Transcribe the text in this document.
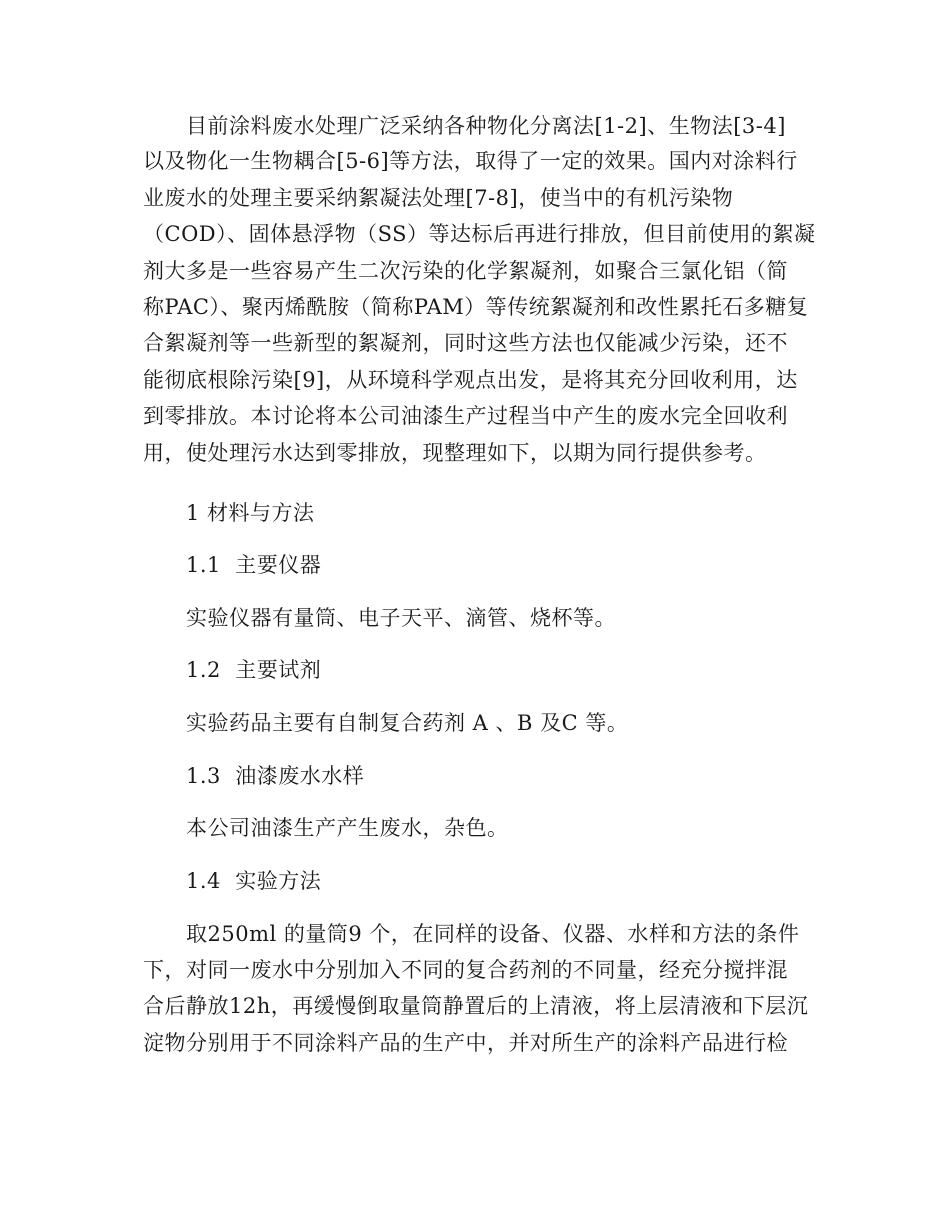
目前涂料废水处理广泛采纳各种物化分离法[1-2]、生物法[3-4]
以及物化一生物耦合[5-6]等方法，取得了一定的效果。国内对涂料行
业废水的处理主要采纳絮凝法处理[7-8]，使当中的有机污染物
（COD）、固体悬浮物（SS）等达标后再进行排放，但目前使用的絮凝
剂大多是一些容易产生二次污染的化学絮凝剂，如聚合三氯化铝（简
称PAC）、聚丙烯酰胺（简称PAM）等传统絮凝剂和改性累托石多糖复
合絮凝剂等一些新型的絮凝剂，同时这些方法也仅能减少污染，还不
能彻底根除污染[9]，从环境科学观点出发，是将其充分回收利用，达
到零排放。本讨论将本公司油漆生产过程当中产生的废水完全回收利
用，使处理污水达到零排放，现整理如下，以期为同行提供参考。
1 材料与方法
1.1  主要仪器
实验仪器有量筒、电子天平、滴管、烧杯等。
1.2  主要试剂
实验药品主要有自制复合药剂 A 、B 及C 等。
1.3  油漆废水水样
本公司油漆生产产生废水，杂色。
1.4  实验方法
取250ml 的量筒9 个，在同样的设备、仪器、水样和方法的条件
下，对同一废水中分别加入不同的复合药剂的不同量，经充分搅拌混
合后静放12h，再缓慢倒取量筒静置后的上清液，将上层清液和下层沉
淀物分别用于不同涂料产品的生产中，并对所生产的涂料产品进行检
